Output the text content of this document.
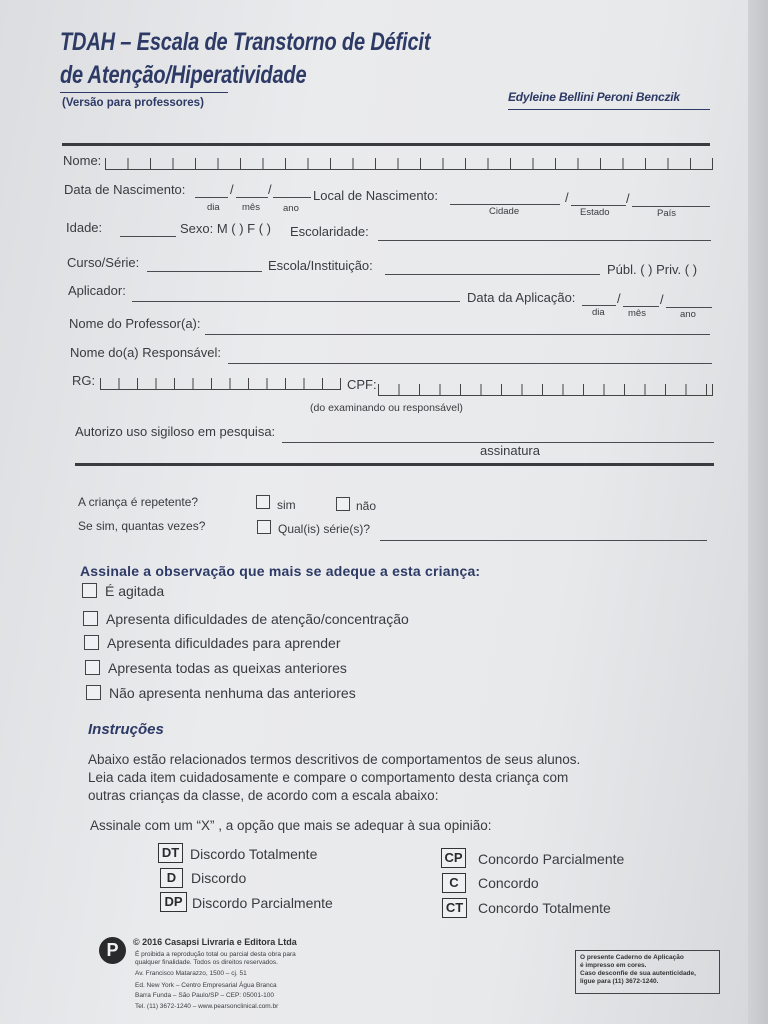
TDAH – Escala de Transtorno de Déficit
de Atenção/Hiperatividade
(Versão para professores)	Edyleine Bellini Peroni Benczik
Nome:
Data de Nascimento:	/	/
dia mês ano
Local de Nascimento:	/	/
Cidade	Estado	País
Idade:	Sexo: M ( ) F ( ) Escolaridade:
Curso/Série:	Escola/Instituição:	Públ. ( ) Priv. ( )
Aplicador:	Data da Aplicação:	/	/
dia mês	ano
Nome do Professor(a):
Nome do(a) Responsável:
RG:	CPF:
(do examinando ou responsável)
Autorizo uso sigiloso em pesquisa:
assinatura
A criança é repetente?	sim	não
Se sim, quantas vezes?	Qual(is) série(s)?
Assinale a observação que mais se adeque a esta criança:
É agitada
Apresenta dificuldades de atenção/concentração
Apresenta dificuldades para aprender
Apresenta todas as queixas anteriores
Não apresenta nenhuma das anteriores
Instruções
Abaixo estão relacionados termos descritivos de comportamentos de seus alunos.
Leia cada item cuidadosamente e compare o comportamento desta criança com
outras crianças da classe, de acordo com a escala abaixo:
Assinale com um “X” , a opção que mais se adequar à sua opinião:
DT Discordo Totalmente
D	Discordo
DP Discordo Parcialmente
CP Concordo Parcialmente
C	Concordo
CT Concordo Totalmente
P	© 2016 Casapsi Livraria e Editora Ltda
É proibida a reprodução total ou parcial desta obra para
qualquer finalidade. Todos os direitos reservados.
Av. Francisco Matarazzo, 1500 – cj. 51
Ed. New York – Centro Empresarial Água Branca
Barra Funda – São Paulo/SP – CEP: 05001-100
Tel. (11) 3672-1240 – www.pearsonclinical.com.br
O presente Caderno de Aplicação
é impresso em cores.
Caso desconfie de sua autenticidade,
ligue para (11) 3672-1240.
